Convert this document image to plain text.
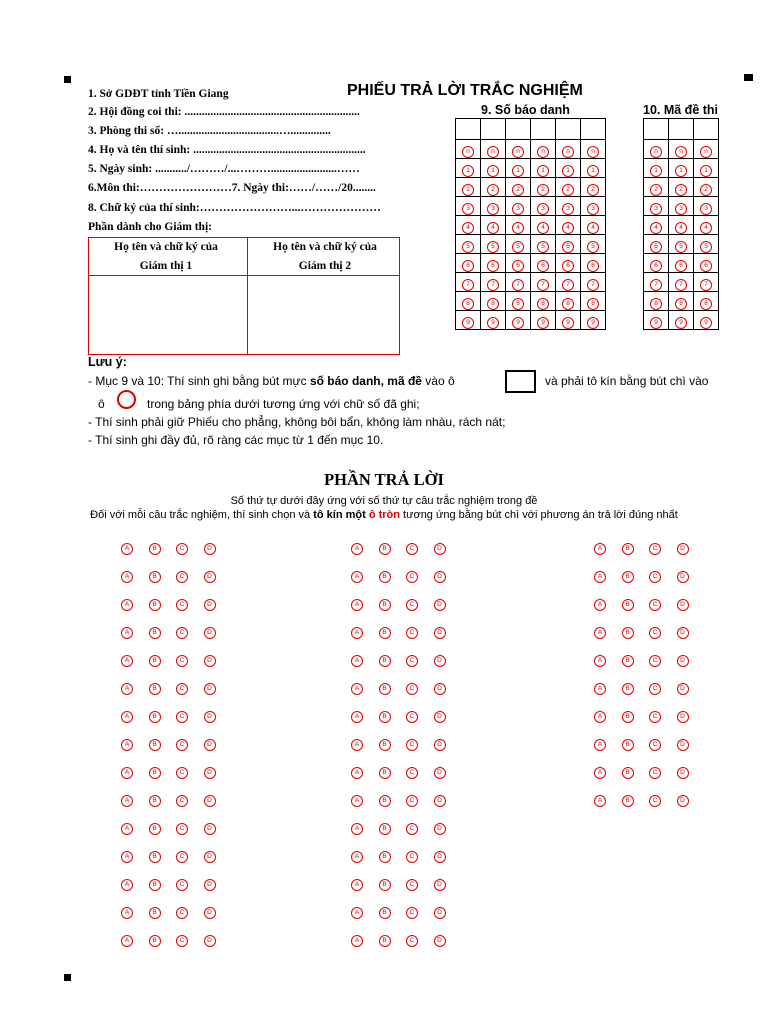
PHIẾU TRẢ LỜI TRẮC NGHIỆM
1. Sở GDĐT tỉnh Tiền Giang
2. Hội đồng coi thi: .............................................................
3. Phòng thi số: …...................................…..............
4. Họ và tên thí sinh: ............................................................
5. Ngày sinh: .........../………/...……….......................……
6.Môn thi:……………………7. Ngày thi:……/……/20........
8. Chữ ký của thí sinh:……………………...…………………
Phần dành cho Giám thị:
Họ tên và chữ ký của
Giám thị 1
Họ tên và chữ ký của
Giám thị 2
9. Số báo danh	10. Mã đề thi

n	n	n	n	n	n
1	1	1	1	1	1
2	2	2	2	2	2
3	3	3	3	3	3
4	4	4	4	4	4
5	5	5	5	5	5
6	6	6	6	6	6
7	7	7	7	7	7
8	8	8	8	8	8
9	9	9	9	9	9

n	n	n
1	1	1
2	2	2
3	3	3
4	4	4
5	5	5
6	6	6
7	7	7
8	8	8
9	9	9
Lưu ý:
- Mục 9 và 10: Thí sinh ghi bằng bút mực số báo danh, mã đề vào ô	và phải tô kín bằng bút chì vào
ô	trong bảng phía dưới tương ứng với chữ số đã ghi;
- Thí sinh phải giữ Phiếu cho phẳng, không bôi bẩn, không làm nhàu, rách nát;
- Thí sinh ghi đầy đủ, rõ ràng các mục từ 1 đến mục 10.
PHẦN TRẢ LỜI
Số thứ tự dưới đây ứng với số thứ tự câu trắc nghiệm trong đề
Đối với mỗi câu trắc nghiệm, thí sinh chọn và tô kín một ô tròn tương ứng bằng bút chì với phương án trả lời đúng nhất
A	B	C	D
A	B	C	D
A	B	C	D
A	B	C	D
A	B	C	D
A	B	C	D
A	B	C	D
A	B	C	D
A	B	C	D
A	B	C	D
A	B	C	D
A	B	C	D
A	B	C	D
A	B	C	D
A	B	C	D
A	B	C	D
A	B	C	D
A	B	C	D
A	B	C	D
A	B	C	D
A	B	C	D
A	B	C	D
A	B	C	D
A	B	C	D
A	B	C	D
A	B	C	D
A	B	C	D
A	B	C	D
A	B	C	D
A	B	C	D
A	B	C	D
A	B	C	D
A	B	C	D
A	B	C	D
A	B	C	D
A	B	C	D
A	B	C	D
A	B	C	D
A	B	C	D
A	B	C	D
